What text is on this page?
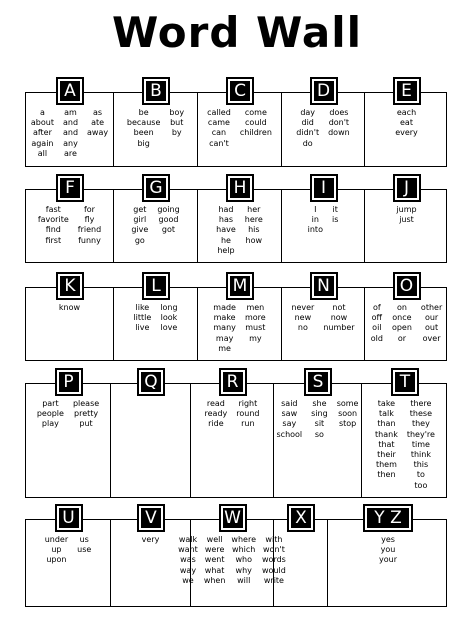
Word Wall
A
a
about
after
again
all
am
and
and
any
are
as
ate
away
B
be
because
been
big
boy
but
by
C
called
came
can
can't
come
could
children
D
day
did
didn't
do
does
don't
down
E
each
eat
every
F
fast
favorite
find
first
for
fly
friend
funny
G
get
girl
give
go
going
good
got
H
had
has
have
he
help
her
here
his
how
I
I
in
into
it
is
J
jump
just
K
know
L
like
little
live
long
look
love
M
made
make
many
may
me
men
more
must
my
N
never
new
no
not
now
number
O
of
off
oil
old
on
once
open
or
other
our
out
over
P
part
people
play
please
pretty
put
Q	R
read
ready
ride
right
round
run
S
said
saw
say
school
she
sing
sit
so
some
soon
stop
T
take
talk
than
thank
that
their
them
then
there
these
they
they're
time
think
this
to
too
U
under
up
upon
us
use
V
very
W
walk
want
was
way
we
well
were
went
what
when
where
which
who
why
will
with
won't
words
would
write
X	Y Z
yes
you
your
